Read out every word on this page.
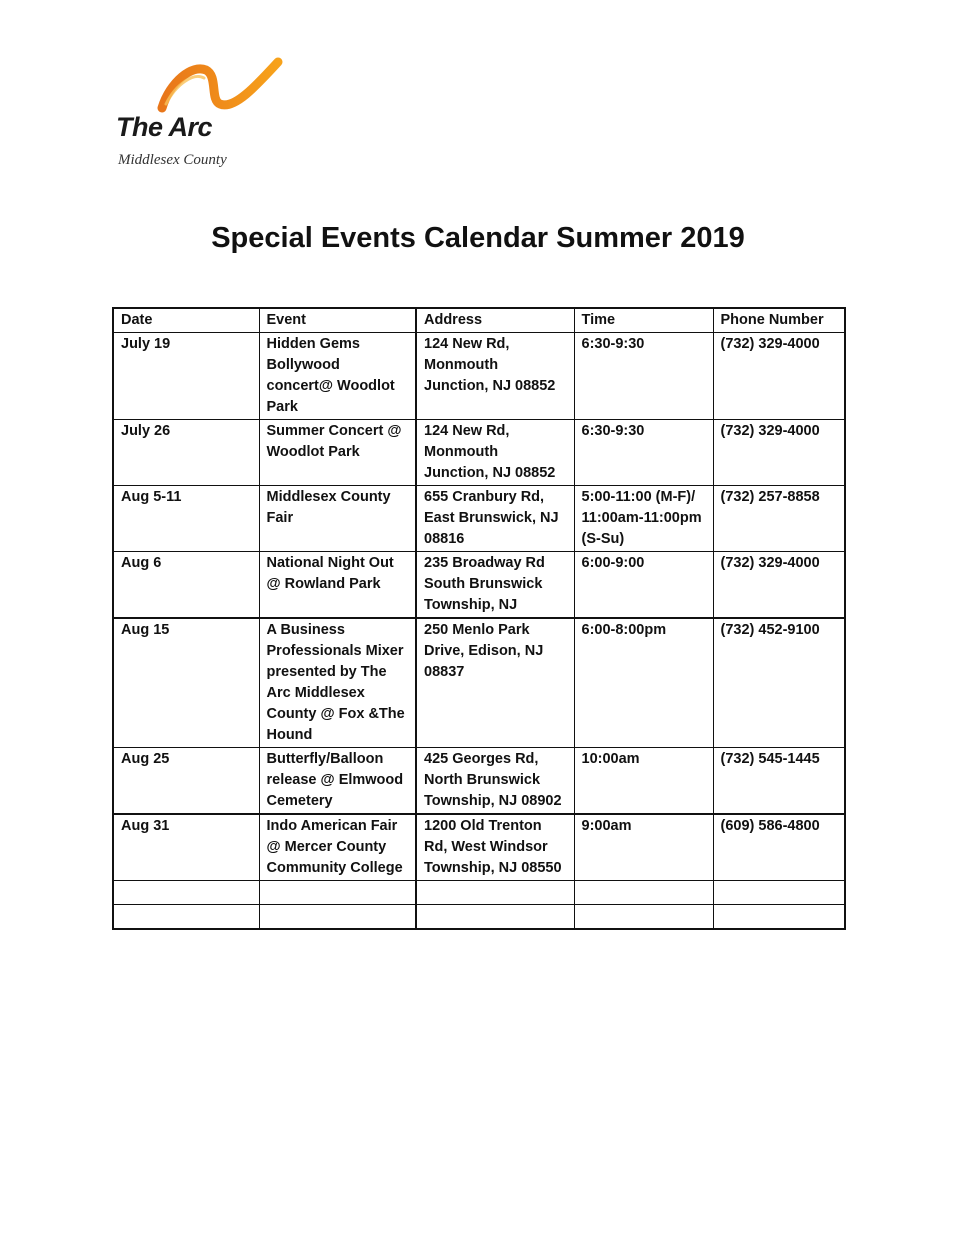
The Arc
Middlesex County
Special Events Calendar Summer 2019
Date	Event	Address	Time	Phone Number
July 19	Hidden Gems Bollywood concert@ Woodlot Park	124 New Rd, Monmouth Junction, NJ 08852	6:30-9:30	(732) 329-4000
July 26	Summer Concert @ Woodlot Park	124 New Rd, Monmouth Junction, NJ 08852	6:30-9:30	(732) 329-4000
Aug 5-11	Middlesex County Fair	655 Cranbury Rd, East Brunswick, NJ 08816	5:00-11:00 (M-F)/ 11:00am-11:00pm (S-Su)	(732) 257-8858
Aug 6	National Night Out @ Rowland Park	235 Broadway Rd South Brunswick Township, NJ	6:00-9:00	(732) 329-4000
Aug 15	A Business Professionals Mixer presented by The Arc Middlesex County @ Fox &The Hound	250 Menlo Park Drive, Edison, NJ 08837	6:00-8:00pm	(732) 452-9100
Aug 25	Butterfly/Balloon release @ Elmwood Cemetery	425 Georges Rd, North Brunswick Township, NJ 08902	10:00am	(732) 545-1445
Aug 31	Indo American Fair @ Mercer County Community College	1200 Old Trenton Rd, West Windsor Township, NJ 08550	9:00am	(609) 586-4800
